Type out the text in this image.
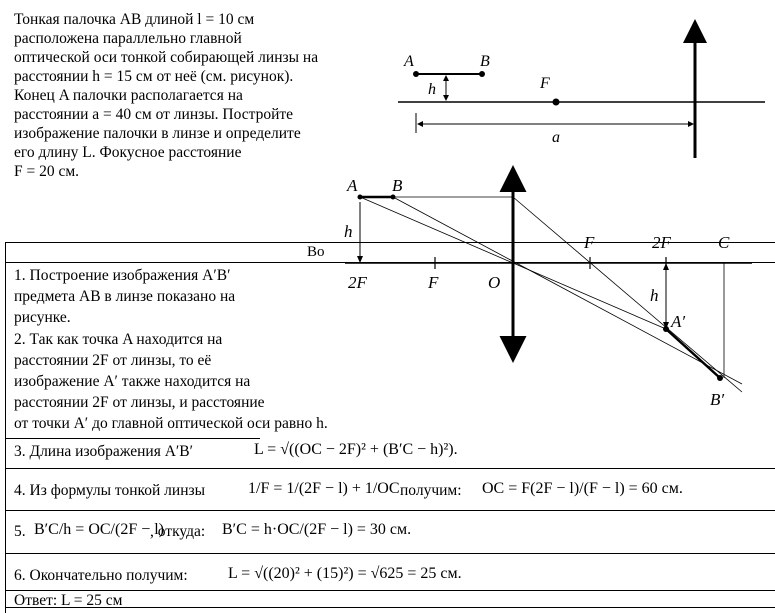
Тонкая палочка AB длиной l = 10 см

расположена параллельно главной

оптической оси тонкой собирающей линзы на

расстоянии h = 15 см от неё (см. рисунок).

Конец A палочки располагается на

расстоянии a = 40 см от линзы. Постройте

изображение палочки в линзе и определите

его длину L. Фокусное расстояние

F = 20 см.

A	B
h	F
a
Во
1. Построение изображения A′B′
предмета AB в линзе показано на
рисунке.
2. Так как точка A находится на
расстоянии 2F от линзы, то её
изображение A′ также находится на
расстоянии 2F от линзы, и расстояние
от точки A′ до главной оптической оси равно h.
A B
h
2F	F	O
F	2F	C
h
A′
B′
3. Длина изображения A′B′	L = √((OC − 2F)² + (B′C − h)²).
4. Из формулы тонкой линзы	1/F = 1/(2F − l) + 1/OC получим: OC = F(2F − l)/(F − l) = 60 см.
5. B′C/h = OC/(2F − l)
, откуда: B′C = h·OC/(2F − l) = 30 см.
6. Окончательно получим:	L = √((20)² + (15)²) = √625 = 25 см.
Ответ: L = 25 см
